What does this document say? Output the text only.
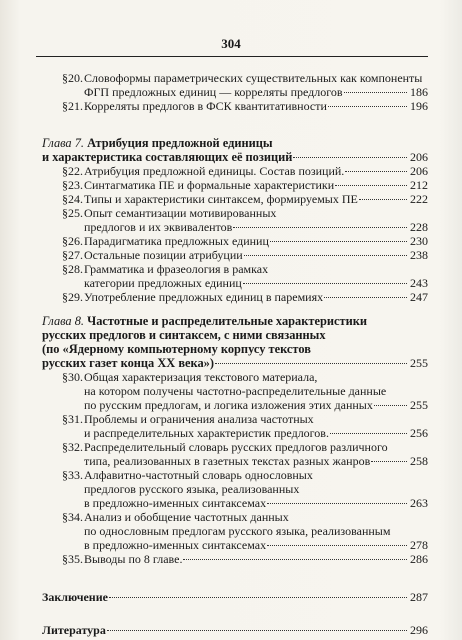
304
§20. Словоформы параметрических существительных как компоненты
ФГП предложных единиц — корреляты предлогов	186
§21. Корреляты предлогов в ФСК квантитативности	196
Глава 7. Атрибуция предложной единицы
и характеристика составляющих её позиций	206
§22. Атрибуция предложной единицы. Состав позиций.	206
§23. Синтагматика ПЕ и формальные характеристики	212
§24. Типы и характеристики синтаксем, формируемых ПЕ	222
§25. Опыт семантизации мотивированных
предлогов и их эквивалентов	228
§26. Парадигматика предложных единиц	230
§27. Остальные позиции атрибуции	238
§28. Грамматика и фразеология в рамках
категории предложных единиц	243
§29. Употребление предложных единиц в паремиях	247
Глава 8. Частотные и распределительные характеристики
русских предлогов и синтаксем, с ними связанных
(по «Ядерному компьютерному корпусу текстов
русских газет конца ХХ века»)	255
§30. Общая характеризация текстового материала,
на котором получены частотно-распределительные данные
по русским предлогам, и логика изложения этих данных	255
§31. Проблемы и ограничения анализа частотных
и распределительных характеристик предлогов.	256
§32. Распределительный словарь русских предлогов различного
типа, реализованных в газетных текстах разных жанров	258
§33. Алфавитно-частотный словарь однословных
предлогов русского языка, реализованных
в предложно-именных синтаксемах	263
§34. Анализ и обобщение частотных данных
по однословным предлогам русского языка, реализованным
в предложно-именных синтаксемах	278
§35. Выводы по 8 главе.	286
Заключение	287
Литература	296
